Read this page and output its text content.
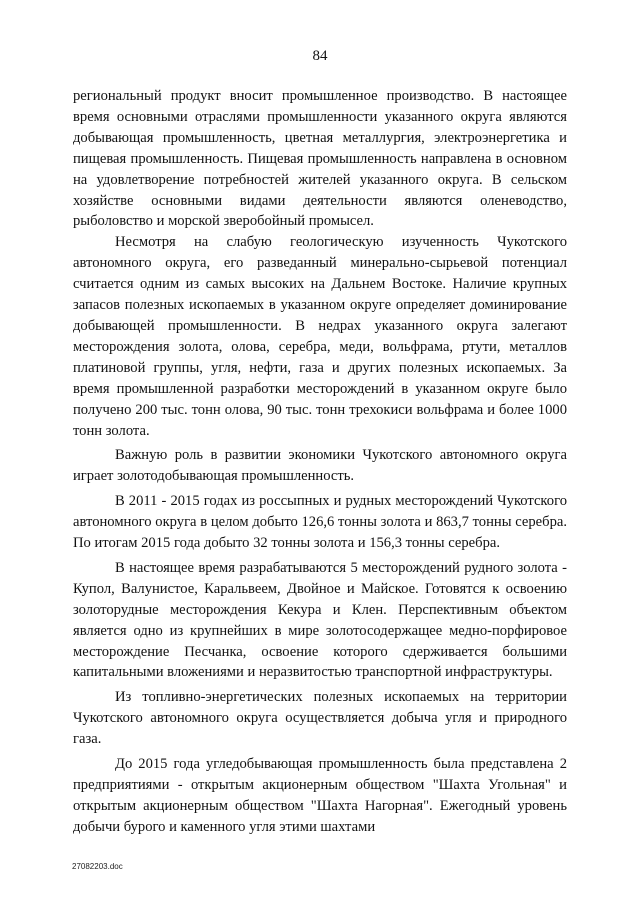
84

региональный продукт вносит промышленное производство. В настоящее время основными отраслями промышленности указанного округа являются добывающая промышленность, цветная металлургия, электроэнергетика и пищевая промышленность. Пищевая промышленность направлена в основном на удовлетворение потребностей жителей указанного округа. В сельском хозяйстве основными видами деятельности являются оленеводство, рыболовство и морской зверобойный промысел.

Несмотря на слабую геологическую изученность Чукотского автономного округа, его разведанный минерально-сырьевой потенциал считается одним из самых высоких на Дальнем Востоке. Наличие крупных запасов полезных ископаемых в указанном округе определяет доминирование добывающей промышленности. В недрах указанного округа залегают месторождения золота, олова, серебра, меди, вольфрама, ртути, металлов платиновой группы, угля, нефти, газа и других полезных ископаемых. За время промышленной разработки месторождений в указанном округе было получено 200 тыс. тонн олова, 90 тыс. тонн трехокиси вольфрама и более 1000 тонн золота.

Важную роль в развитии экономики Чукотского автономного округа играет золотодобывающая промышленность.

В 2011 - 2015 годах из россыпных и рудных месторождений Чукотского автономного округа в целом добыто 126,6 тонны золота и 863,7 тонны серебра. По итогам 2015 года добыто 32 тонны золота и 156,3 тонны серебра.

В настоящее время разрабатываются 5 месторождений рудного золота - Купол, Валунистое, Каральвеем, Двойное и Майское. Готовятся к освоению золоторудные месторождения Кекура и Клен. Перспективным объектом является одно из крупнейших в мире золотосодержащее медно-порфировое месторождение Песчанка, освоение которого сдерживается большими капитальными вложениями и неразвитостью транспортной инфраструктуры.

Из топливно-энергетических полезных ископаемых на территории Чукотского автономного округа осуществляется добыча угля и природного газа.

До 2015 года угледобывающая промышленность была представлена 2 предприятиями - открытым акционерным обществом "Шахта Угольная" и открытым акционерным обществом "Шахта Нагорная". Ежегодный уровень добычи бурого и каменного угля этими шахтами

27082203.doc
